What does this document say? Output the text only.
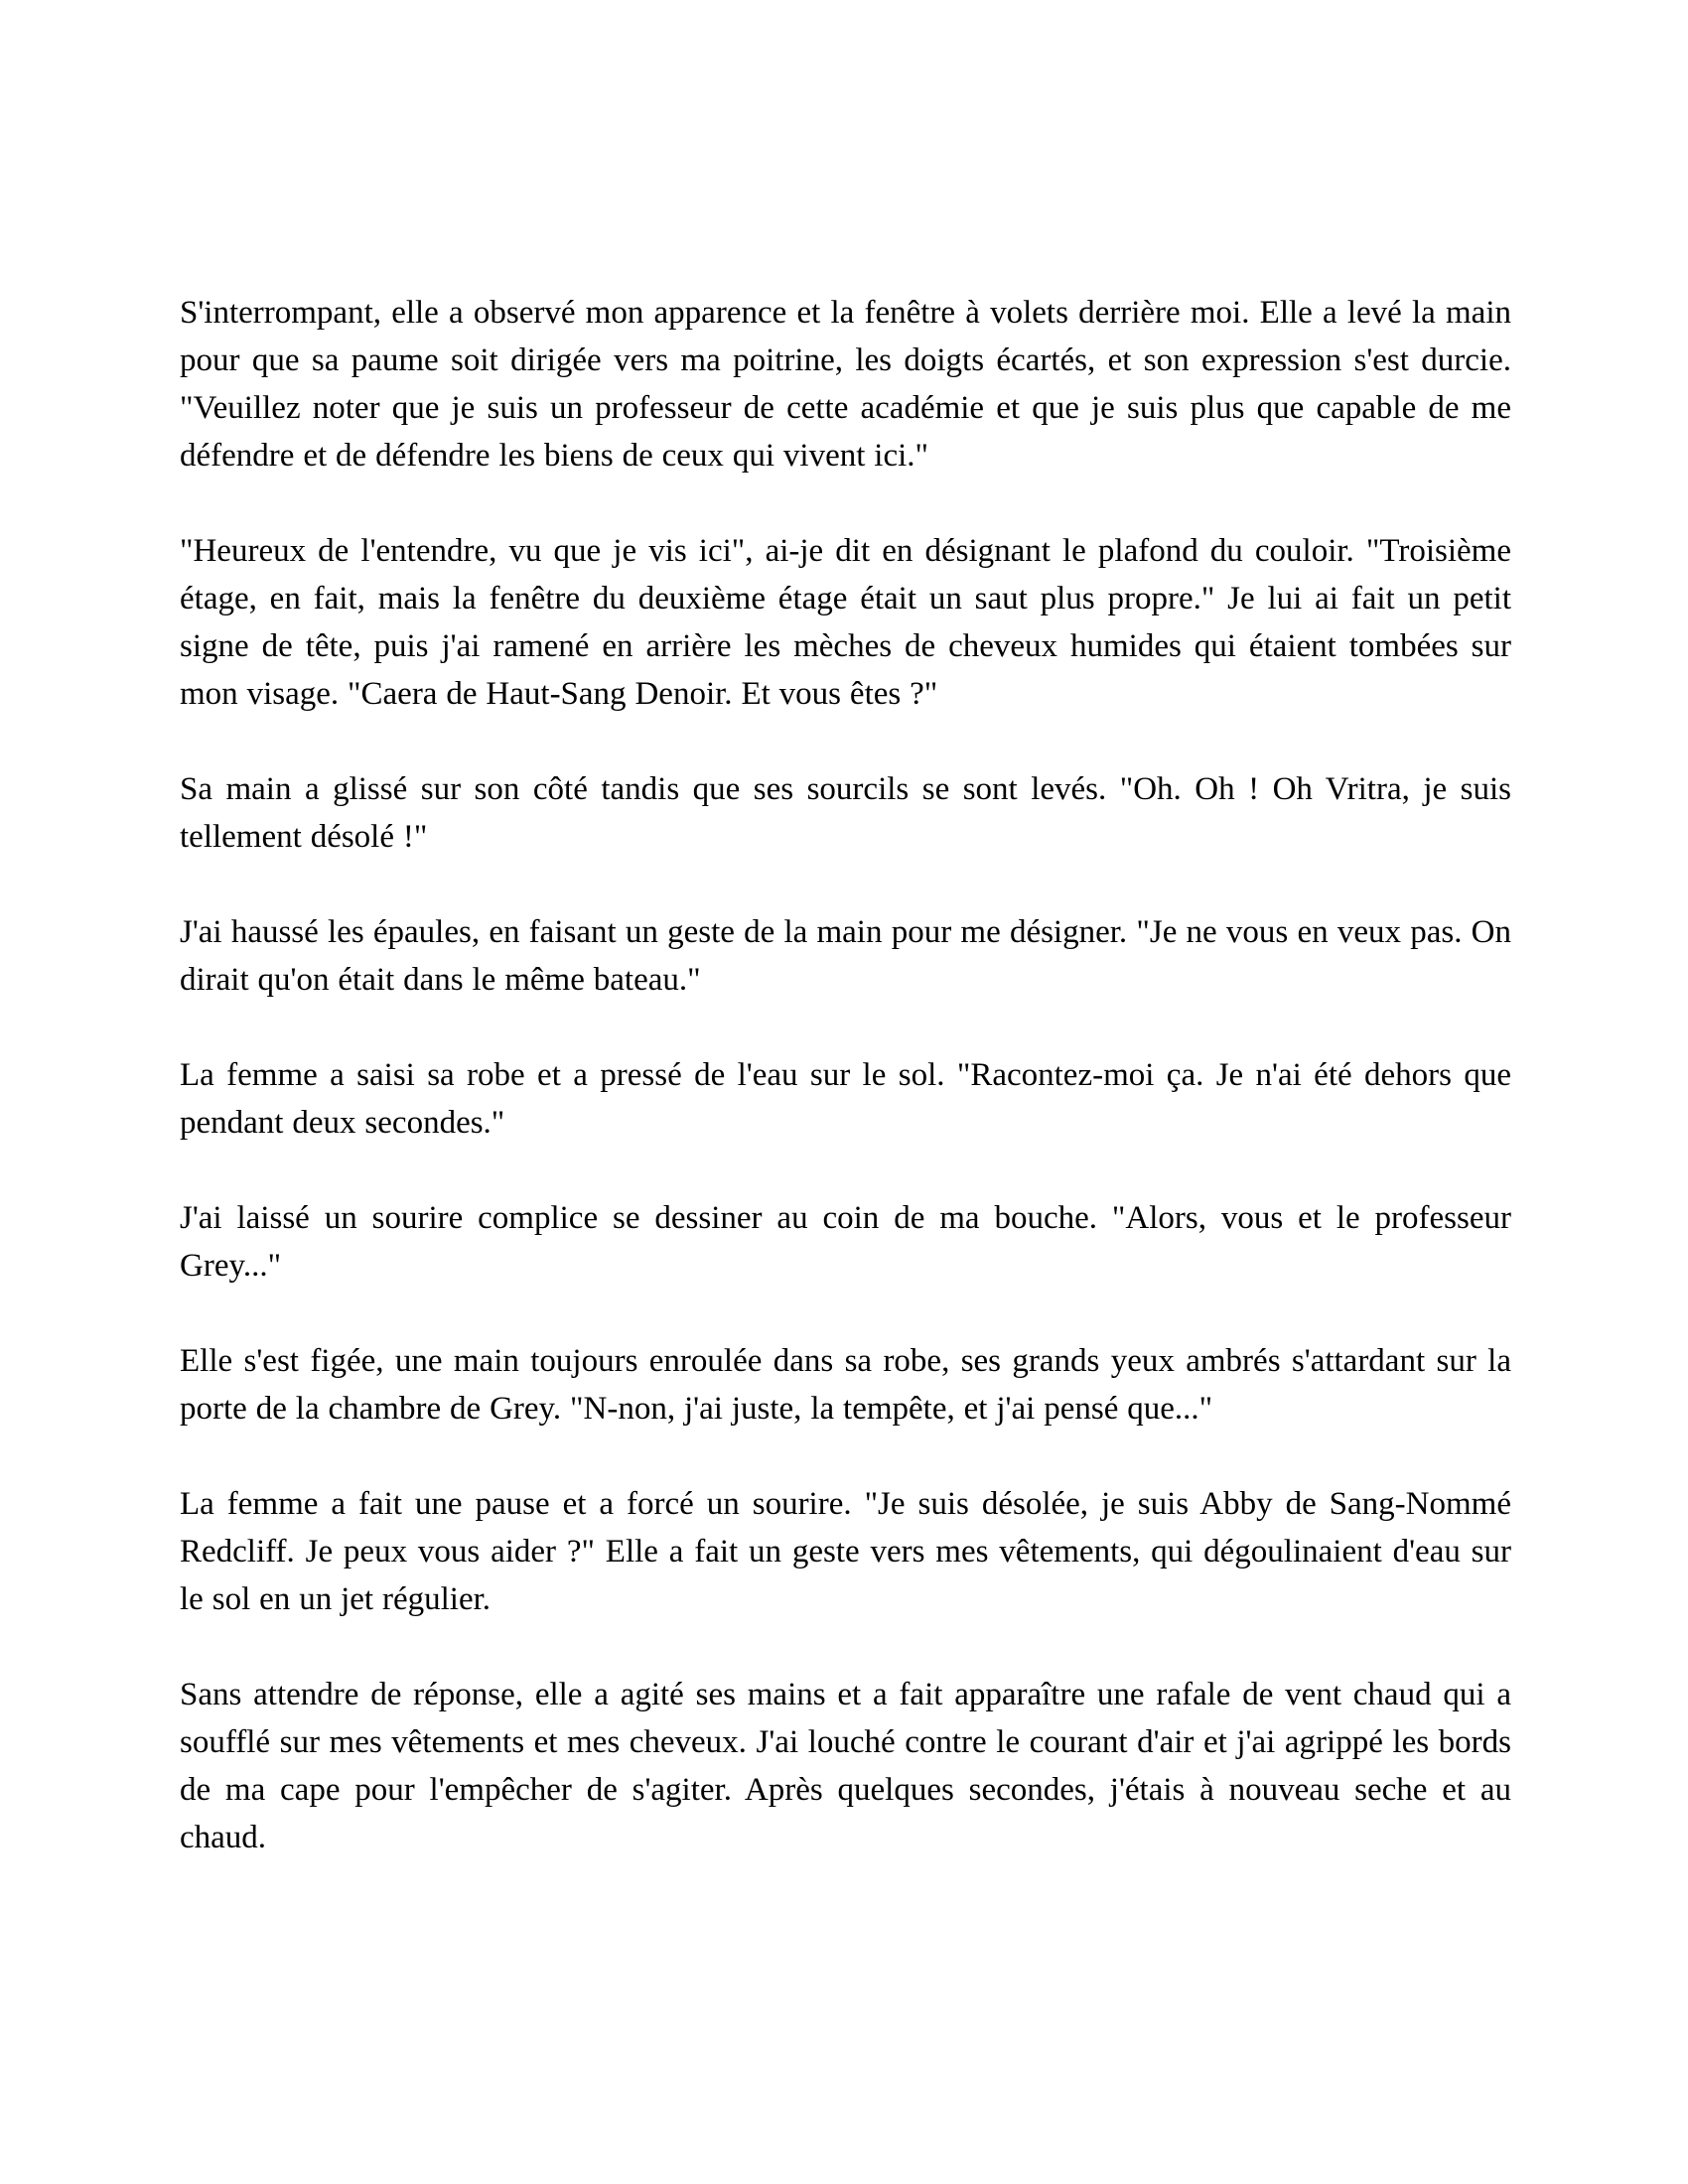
S'interrompant, elle a observé mon apparence et la fenêtre à volets derrière moi. Elle a levé la main pour que sa paume soit dirigée vers ma poitrine, les doigts écartés, et son expression s'est durcie. "Veuillez noter que je suis un professeur de cette académie et que je suis plus que capable de me défendre et de défendre les biens de ceux qui vivent ici."

"Heureux de l'entendre, vu que je vis ici", ai-je dit en désignant le plafond du couloir. "Troisième étage, en fait, mais la fenêtre du deuxième étage était un saut plus propre." Je lui ai fait un petit signe de tête, puis j'ai ramené en arrière les mèches de cheveux humides qui étaient tombées sur mon visage. "Caera de Haut-Sang Denoir. Et vous êtes ?"

Sa main a glissé sur son côté tandis que ses sourcils se sont levés. "Oh. Oh ! Oh Vritra, je suis tellement désolé !"

J'ai haussé les épaules, en faisant un geste de la main pour me désigner. "Je ne vous en veux pas. On dirait qu'on était dans le même bateau."

La femme a saisi sa robe et a pressé de l'eau sur le sol. "Racontez-moi ça. Je n'ai été dehors que pendant deux secondes."

J'ai laissé un sourire complice se dessiner au coin de ma bouche. "Alors, vous et le professeur Grey..."

Elle s'est figée, une main toujours enroulée dans sa robe, ses grands yeux ambrés s'attardant sur la porte de la chambre de Grey. "N-non, j'ai juste, la tempête, et j'ai pensé que..."

La femme a fait une pause et a forcé un sourire. "Je suis désolée, je suis Abby de Sang-Nommé Redcliff. Je peux vous aider ?" Elle a fait un geste vers mes vêtements, qui dégoulinaient d'eau sur le sol en un jet régulier.

Sans attendre de réponse, elle a agité ses mains et a fait apparaître une rafale de vent chaud qui a soufflé sur mes vêtements et mes cheveux. J'ai louché contre le courant d'air et j'ai agrippé les bords de ma cape pour l'empêcher de s'agiter. Après quelques secondes, j'étais à nouveau seche et au chaud.
